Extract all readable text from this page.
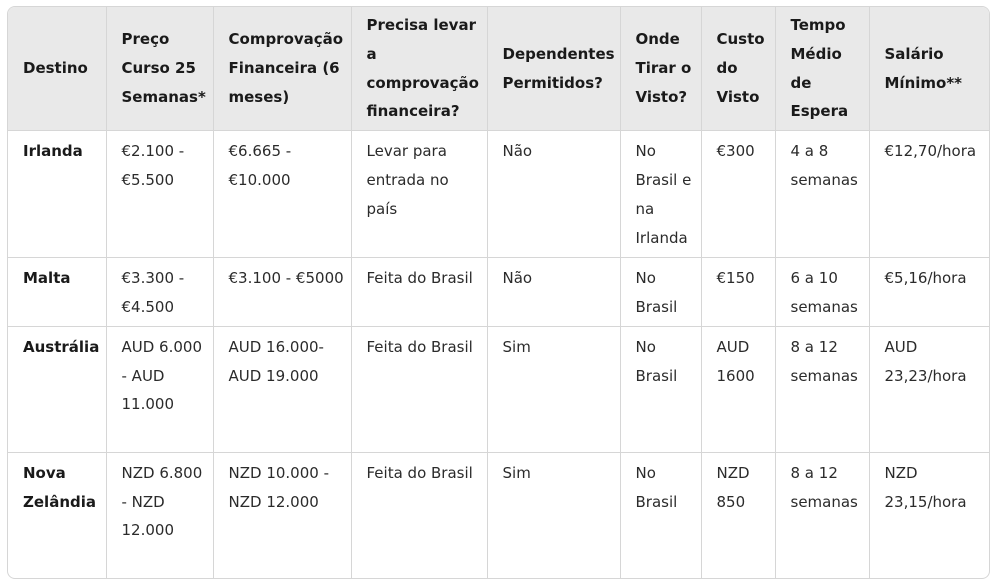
Destino	Preço Curso 25 Semanas*	Comprovação Financeira (6 meses)	Precisa levar a comprovação financeira?	Dependentes Permitidos?	Onde Tirar o Visto?	Custo do Visto	Tempo Médio de Espera	Salário Mínimo**
Irlanda	€2.100 - €5.500	€6.665 - €10.000	Levar para entrada no país	Não	No Brasil e na Irlanda	€300	4 a 8 semanas	€12,70/hora
Malta	€3.300 - €4.500	€3.100 - €5000	Feita do Brasil	Não	No Brasil	€150	6 a 10 semanas	€5,16/hora
Austrália	AUD 6.000 - AUD 11.000	AUD 16.000-AUD 19.000	Feita do Brasil	Sim	No Brasil	AUD 1600	8 a 12 semanas	AUD 23,23/hora
Nova Zelândia	NZD 6.800 - NZD 12.000	NZD 10.000 - NZD 12.000	Feita do Brasil	Sim	No Brasil	NZD 850	8 a 12 semanas	NZD 23,15/hora
